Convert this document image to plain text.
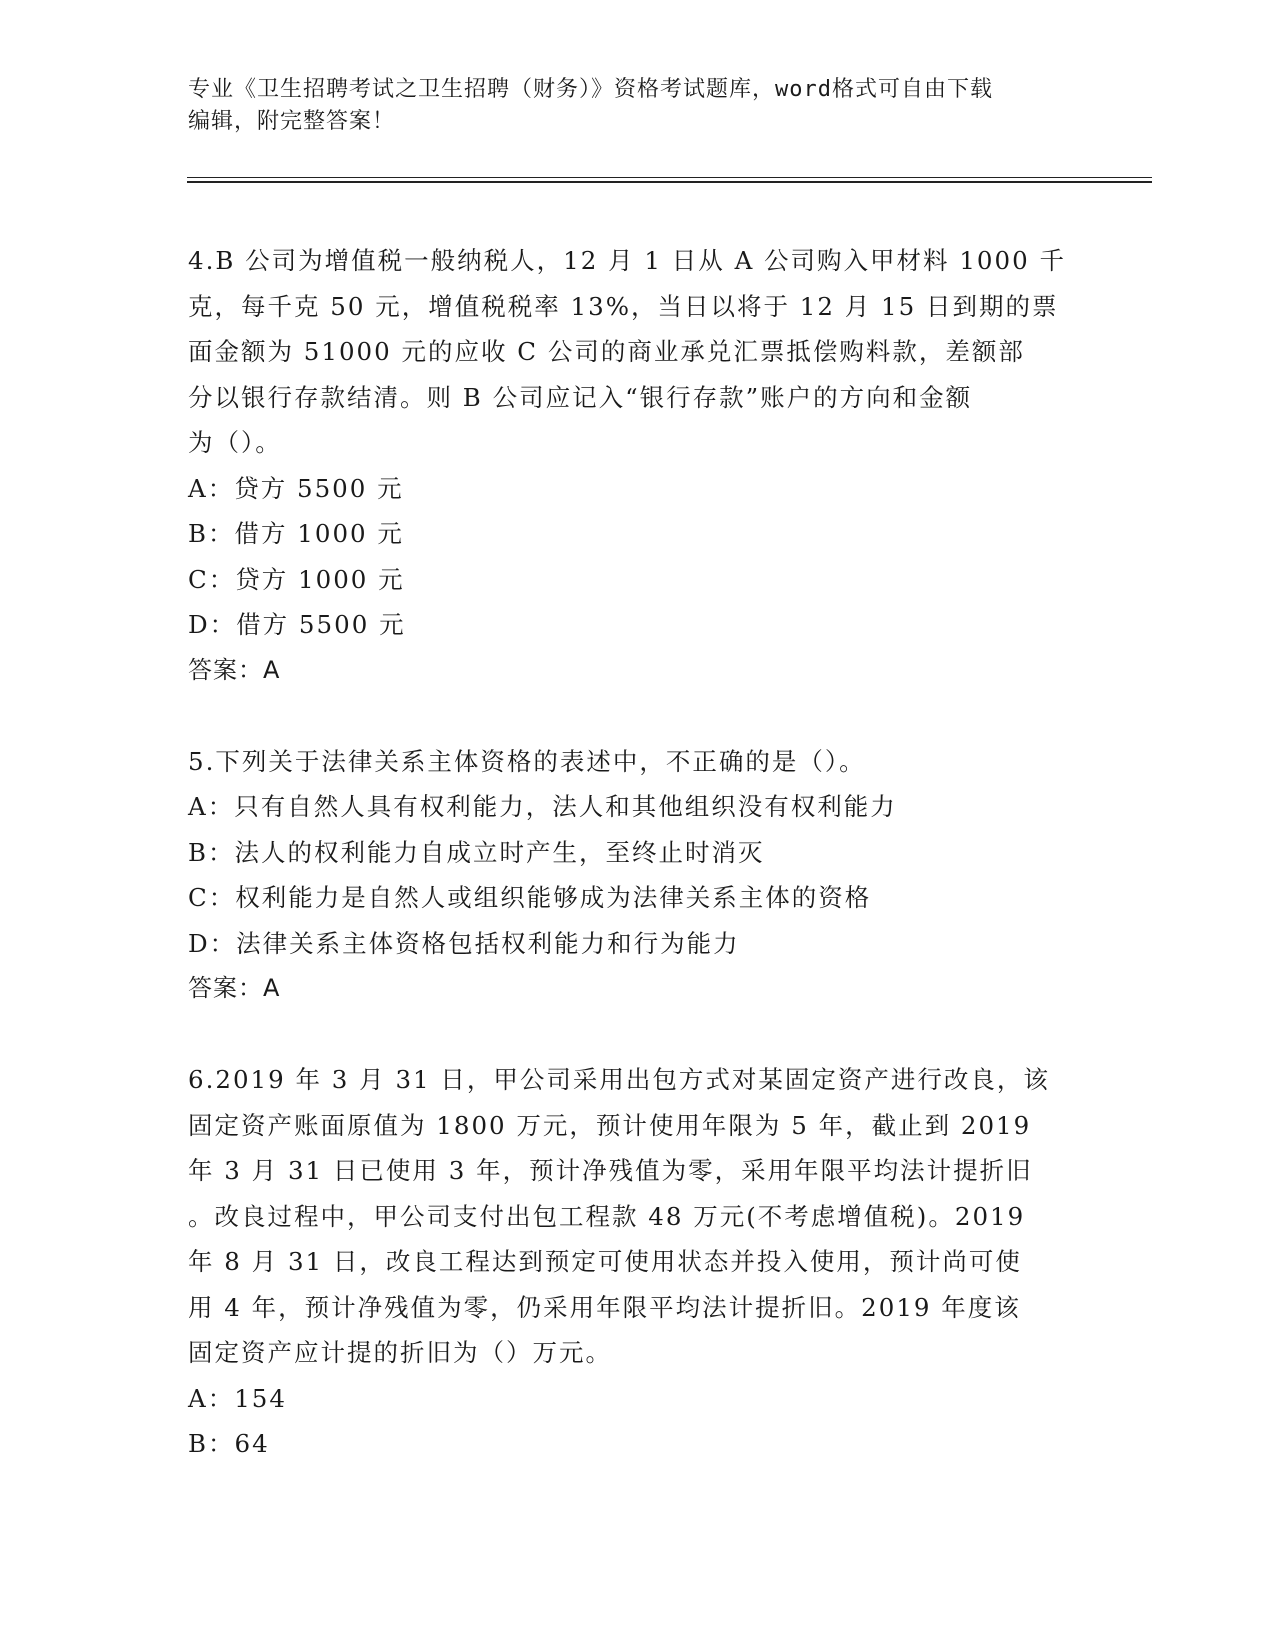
专业《卫生招聘考试之卫生招聘（财务）》资格考试题库，word格式可自由下载
编辑，附完整答案！

4.B 公司为增值税一般纳税人，12 月 1 日从 A 公司购入甲材料 1000 千

克，每千克 50 元，增值税税率 13%，当日以将于 12 月 15 日到期的票

面金额为 51000 元的应收 C 公司的商业承兑汇票抵偿购料款，差额部

分以银行存款结清。则 B 公司应记入“银行存款”账户的方向和金额

为（）。

A：贷方 5500 元

B：借方 1000 元

C：贷方 1000 元

D：借方 5500 元

答案：A

5.下列关于法律关系主体资格的表述中，不正确的是（）。

A：只有自然人具有权利能力，法人和其他组织没有权利能力

B：法人的权利能力自成立时产生，至终止时消灭

C：权利能力是自然人或组织能够成为法律关系主体的资格

D：法律关系主体资格包括权利能力和行为能力

答案：A

6.2019 年 3 月 31 日，甲公司采用出包方式对某固定资产进行改良，该

固定资产账面原值为 1800 万元，预计使用年限为 5 年，截止到 2019

年 3 月 31 日已使用 3 年，预计净残值为零，采用年限平均法计提折旧

。改良过程中，甲公司支付出包工程款 48 万元(不考虑增值税)。2019

年 8 月 31 日，改良工程达到预定可使用状态并投入使用，预计尚可使

用 4 年，预计净残值为零，仍采用年限平均法计提折旧。2019 年度该

固定资产应计提的折旧为（）万元。

A：154

B：64
